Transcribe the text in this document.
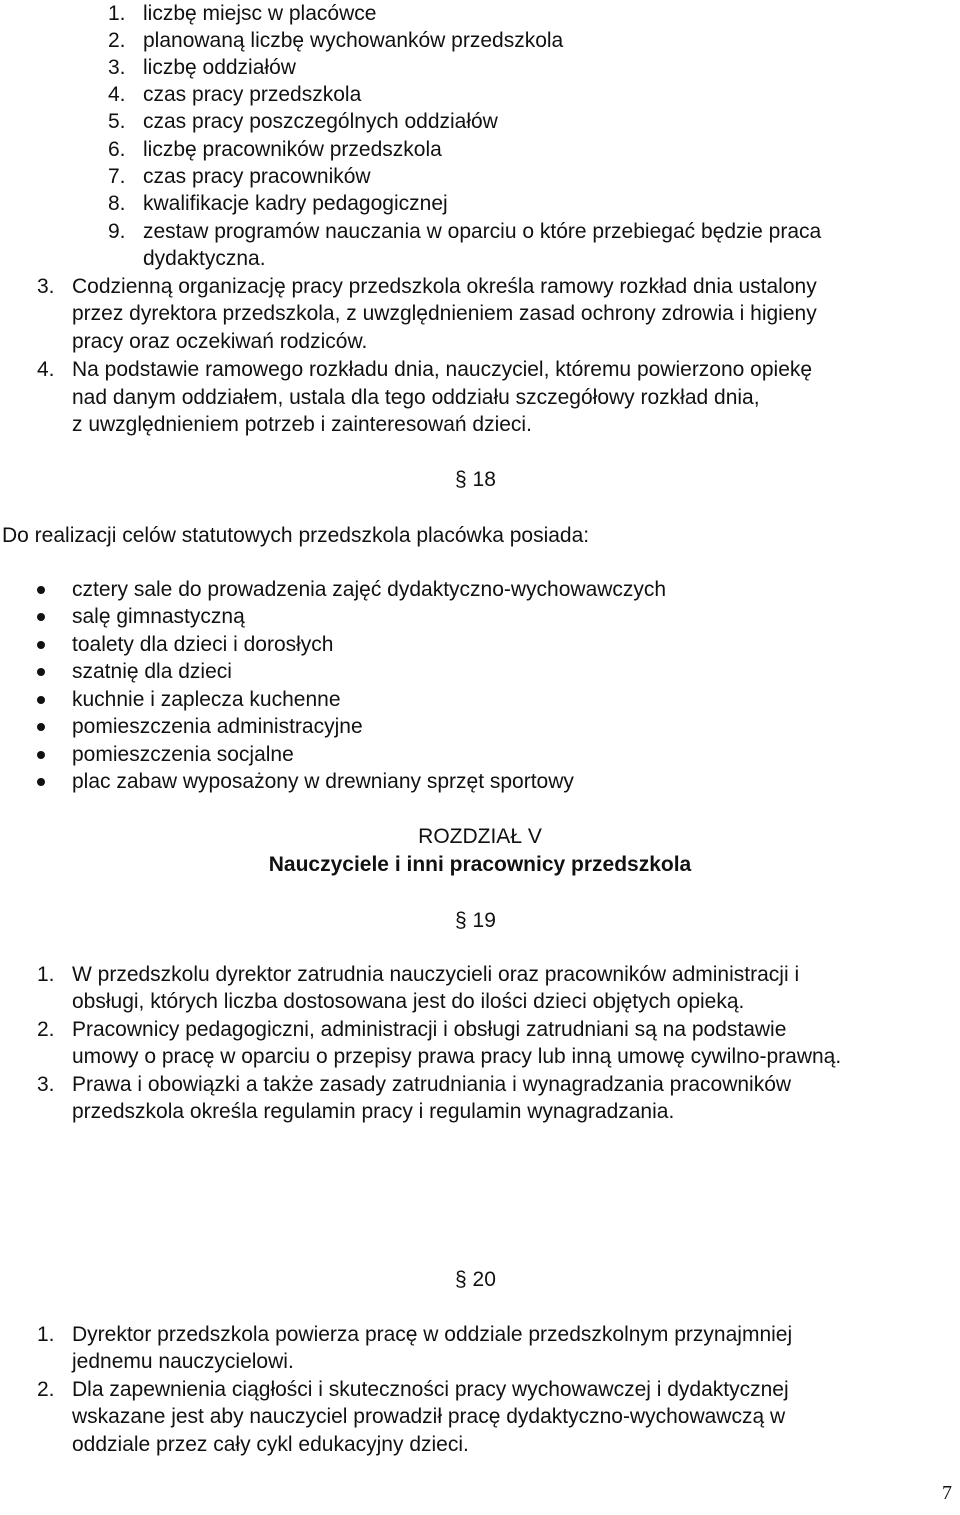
1. liczbę miejsc w placówce
2. planowaną liczbę wychowanków przedszkola
3. liczbę oddziałów
4. czas pracy przedszkola
5. czas pracy poszczególnych oddziałów
6. liczbę pracowników przedszkola
7. czas pracy pracowników
8. kwalifikacje kadry pedagogicznej
9. zestaw programów nauczania w oparciu o które przebiegać będzie praca
dydaktyczna.
3. Codzienną organizację pracy przedszkola określa ramowy rozkład dnia ustalony
przez dyrektora przedszkola, z uwzględnieniem zasad ochrony zdrowia i higieny
pracy oraz oczekiwań rodziców.
4. Na podstawie ramowego rozkładu dnia, nauczyciel, któremu powierzono opiekę
nad danym oddziałem, ustala dla tego oddziału szczegółowy rozkład dnia,
z uwzględnieniem potrzeb i zainteresowań dzieci.
§ 18
Do realizacji celów statutowych przedszkola placówka posiada:
cztery sale do prowadzenia zajęć dydaktyczno-wychowawczych
salę gimnastyczną
toalety dla dzieci i dorosłych
szatnię dla dzieci
kuchnie i zaplecza kuchenne
pomieszczenia administracyjne
pomieszczenia socjalne
plac zabaw wyposażony w drewniany sprzęt sportowy
ROZDZIAŁ V
Nauczyciele i inni pracownicy przedszkola
§ 19
1. W przedszkolu dyrektor zatrudnia nauczycieli oraz pracowników administracji i
obsługi, których liczba dostosowana jest do ilości dzieci objętych opieką.
2. Pracownicy pedagogiczni, administracji i obsługi zatrudniani są na podstawie
umowy o pracę w oparciu o przepisy prawa pracy lub inną umowę cywilno-prawną.
3. Prawa i obowiązki a także zasady zatrudniania i wynagradzania pracowników
przedszkola określa regulamin pracy i regulamin wynagradzania.
§ 20
1. Dyrektor przedszkola powierza pracę w oddziale przedszkolnym przynajmniej
jednemu nauczycielowi.
2. Dla zapewnienia ciągłości i skuteczności pracy wychowawczej i dydaktycznej
wskazane jest aby nauczyciel prowadził pracę dydaktyczno-wychowawczą w
oddziale przez cały cykl edukacyjny dzieci.
7
